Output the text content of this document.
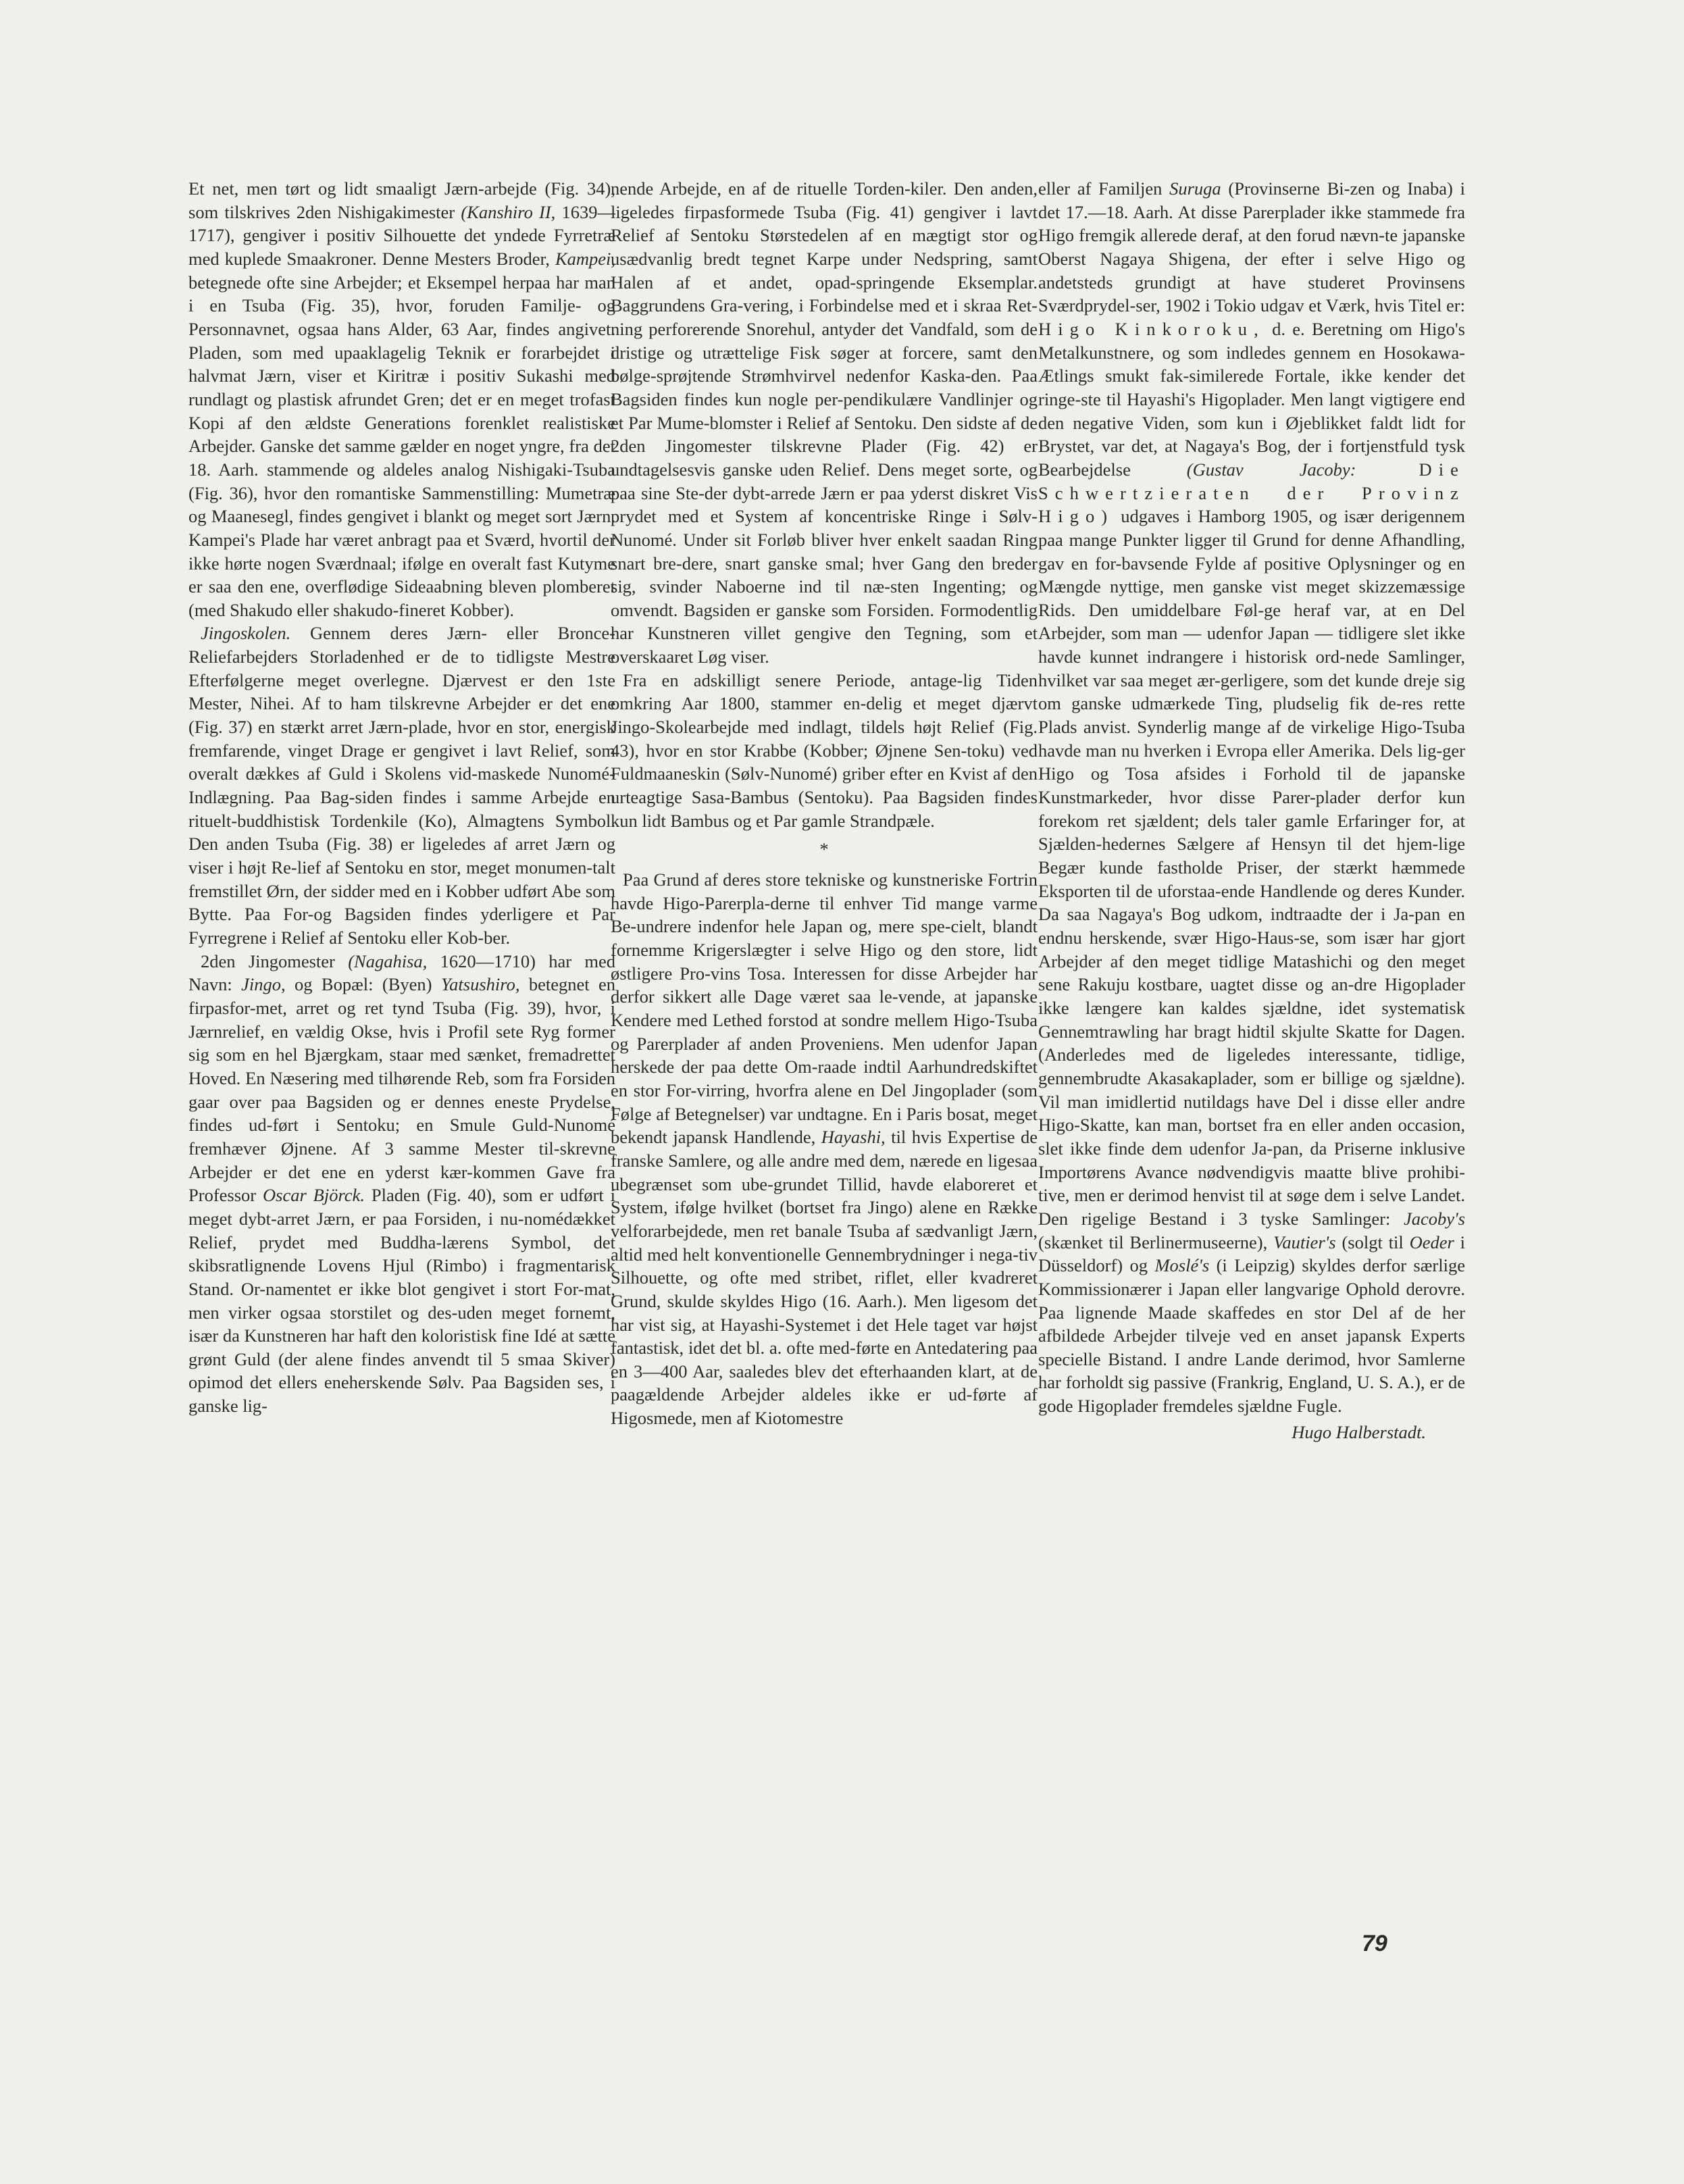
Et net, men tørt og lidt smaaligt Jærn-arbejde (Fig. 34), som tilskrives 2den Nishigakimester (Kanshiro II, 1639—1717), gengiver i positiv Silhouette det yndede Fyrretræ med kuplede Smaakroner. Denne Mesters Broder, Kampei, betegnede ofte sine Arbejder; et Eksempel herpaa har man i en Tsuba (Fig. 35), hvor, foruden Familje- og Personnavnet, ogsaa hans Alder, 63 Aar, findes angivet. Pladen, som med upaaklagelig Teknik er forarbejdet i halvmat Jærn, viser et Kiritræ i positiv Sukashi med rundlagt og plastisk afrundet Gren; det er en meget trofast Kopi af den ældste Generations forenklet realistiske Arbejder. Ganske det samme gælder en noget yngre, fra det 18. Aarh. stammende og aldeles analog Nishigaki-Tsuba (Fig. 36), hvor den romantiske Sammenstilling: Mumetræ og Maanesegl, findes gengivet i blankt og meget sort Jærn. Kampei's Plade har været anbragt paa et Sværd, hvortil der ikke hørte nogen Sværdnaal; ifølge en overalt fast Kutyme er saa den ene, overflødige Sideaabning bleven plomberet (med Shakudo eller shakudo-fineret Kobber).

Jingoskolen. Gennem deres Jærn- eller Bronce-Reliefarbejders Storladenhed er de to tidligste Mestre Efterfølgerne meget overlegne. Djærvest er den 1ste Mester, Nihei. Af to ham tilskrevne Arbejder er det ene (Fig. 37) en stærkt arret Jærn-plade, hvor en stor, energisk fremfarende, vinget Drage er gengivet i lavt Relief, som overalt dækkes af Guld i Skolens vid-maskede Nunomé-Indlægning. Paa Bag-siden findes i samme Arbejde en rituelt-buddhistisk Tordenkile (Ko), Almagtens Symbol. Den anden Tsuba (Fig. 38) er ligeledes af arret Jærn og viser i højt Re-lief af Sentoku en stor, meget monumen-talt fremstillet Ørn, der sidder med en i Kobber udført Abe som Bytte. Paa For-og Bagsiden findes yderligere et Par Fyrregrene i Relief af Sentoku eller Kob-ber.

2den Jingomester (Nagahisa, 1620—1710) har med Navn: Jingo, og Bopæl: (Byen) Yatsushiro, betegnet en firpasfor-met, arret og ret tynd Tsuba (Fig. 39), hvor, i Jærnrelief, en vældig Okse, hvis i Profil sete Ryg former sig som en hel Bjærgkam, staar med sænket, fremadrettet Hoved. En Næsering med tilhørende Reb, som fra Forsiden gaar over paa Bagsiden og er dennes eneste Prydelse, findes ud-ført i Sentoku; en Smule Guld-Nunomé fremhæver Øjnene. Af 3 samme Mester til-skrevne Arbejder er det ene en yderst kær-kommen Gave fra Professor Oscar Björck. Pladen (Fig. 40), som er udført i meget dybt-arret Jærn, er paa Forsiden, i nu-nomédækket Relief, prydet med Buddha-lærens Symbol, det skibsratlignende Lovens Hjul (Rimbo) i fragmentarisk Stand. Or-namentet er ikke blot gengivet i stort For-mat, men virker ogsaa storstilet og des-uden meget fornemt, især da Kunstneren har haft den koloristisk fine Idé at sætte grønt Guld (der alene findes anvendt til 5 smaa Skiver) opimod det ellers eneherskende Sølv. Paa Bagsiden ses, i ganske lig-

nende Arbejde, en af de rituelle Torden-kiler. Den anden, ligeledes firpasformede Tsuba (Fig. 41) gengiver i lavt Relief af Sentoku Størstedelen af en mægtigt stor og usædvanlig bredt tegnet Karpe under Nedspring, samt Halen af et andet, opad-springende Eksemplar. Baggrundens Gra-vering, i Forbindelse med et i skraa Ret-ning perforerende Snorehul, antyder det Vandfald, som de dristige og utrættelige Fisk søger at forcere, samt den bølge-sprøjtende Strømhvirvel nedenfor Kaska-den. Paa Bagsiden findes kun nogle per-pendikulære Vandlinjer og et Par Mume-blomster i Relief af Sentoku. Den sidste af de 2den Jingomester tilskrevne Plader (Fig. 42) er undtagelsesvis ganske uden Relief. Dens meget sorte, og paa sine Ste-der dybt-arrede Jærn er paa yderst diskret Vis prydet med et System af koncentriske Ringe i Sølv-Nunomé. Under sit Forløb bliver hver enkelt saadan Ring snart bre-dere, snart ganske smal; hver Gang den breder sig, svinder Naboerne ind til næ-sten Ingenting; og omvendt. Bagsiden er ganske som Forsiden. Formodentlig har Kunstneren villet gengive den Tegning, som et overskaaret Løg viser.

Fra en adskilligt senere Periode, antage-lig Tiden omkring Aar 1800, stammer en-delig et meget djærvt Jingo-Skolearbejde med indlagt, tildels højt Relief (Fig. 43), hvor en stor Krabbe (Kobber; Øjnene Sen-toku) ved Fuldmaaneskin (Sølv-Nunomé) griber efter en Kvist af den urteagtige Sasa-Bambus (Sentoku). Paa Bagsiden findes kun lidt Bambus og et Par gamle Strandpæle.

*

Paa Grund af deres store tekniske og kunstneriske Fortrin havde Higo-Parerpla-derne til enhver Tid mange varme Be-undrere indenfor hele Japan og, mere spe-cielt, blandt fornemme Krigerslægter i selve Higo og den store, lidt østligere Pro-vins Tosa. Interessen for disse Arbejder har derfor sikkert alle Dage været saa le-vende, at japanske Kendere med Lethed forstod at sondre mellem Higo-Tsuba og Parerplader af anden Proveniens. Men udenfor Japan herskede der paa dette Om-raade indtil Aarhundredskiftet en stor For-virring, hvorfra alene en Del Jingoplader (som Følge af Betegnelser) var undtagne. En i Paris bosat, meget bekendt japansk Handlende, Hayashi, til hvis Expertise de franske Samlere, og alle andre med dem, nærede en ligesaa ubegrænset som ube-grundet Tillid, havde elaboreret et System, ifølge hvilket (bortset fra Jingo) alene en Række velforarbejdede, men ret banale Tsuba af sædvanligt Jærn, altid med helt konventionelle Gennembrydninger i nega-tiv Silhouette, og ofte med stribet, riflet, eller kvadreret Grund, skulde skyldes Higo (16. Aarh.). Men ligesom det har vist sig, at Hayashi-Systemet i det Hele taget var højst fantastisk, idet det bl. a. ofte med-førte en Antedatering paa en 3—400 Aar, saaledes blev det efterhaanden klart, at de paagældende Arbejder aldeles ikke er ud-førte af Higosmede, men af Kiotomestre

eller af Familjen Suruga (Provinserne Bi-zen og Inaba) i det 17.—18. Aarh. At disse Parerplader ikke stammede fra Higo fremgik allerede deraf, at den forud nævn-te japanske Oberst Nagaya Shigena, der efter i selve Higo og andetsteds grundigt at have studeret Provinsens Sværdprydel-ser, 1902 i Tokio udgav et Værk, hvis Titel er: Higo Kinkoroku, d. e. Beretning om Higo's Metalkunstnere, og som indledes gennem en Hosokawa-Ætlings smukt fak-similerede Fortale, ikke kender det ringe-ste til Hayashi's Higoplader. Men langt vigtigere end den negative Viden, som kun i Øjeblikket faldt lidt for Brystet, var det, at Nagaya's Bog, der i fortjenstfuld tysk Bearbejdelse (Gustav Jacoby: Die Schwertzieraten der Provinz Higo) udgaves i Hamborg 1905, og især derigennem paa mange Punkter ligger til Grund for denne Afhandling, gav en for-bavsende Fylde af positive Oplysninger og en Mængde nyttige, men ganske vist meget skizzemæssige Rids. Den umiddelbare Føl-ge heraf var, at en Del Arbejder, som man — udenfor Japan — tidligere slet ikke havde kunnet indrangere i historisk ord-nede Samlinger, hvilket var saa meget ær-gerligere, som det kunde dreje sig om ganske udmærkede Ting, pludselig fik de-res rette Plads anvist. Synderlig mange af de virkelige Higo-Tsuba havde man nu hverken i Evropa eller Amerika. Dels lig-ger Higo og Tosa afsides i Forhold til de japanske Kunstmarkeder, hvor disse Parer-plader derfor kun forekom ret sjældent; dels taler gamle Erfaringer for, at Sjælden-hedernes Sælgere af Hensyn til det hjem-lige Begær kunde fastholde Priser, der stærkt hæmmede Eksporten til de uforstaa-ende Handlende og deres Kunder. Da saa Nagaya's Bog udkom, indtraadte der i Ja-pan en endnu herskende, svær Higo-Haus-se, som især har gjort Arbejder af den meget tidlige Matashichi og den meget sene Rakuju kostbare, uagtet disse og an-dre Higoplader ikke længere kan kaldes sjældne, idet systematisk Gennemtrawling har bragt hidtil skjulte Skatte for Dagen. (Anderledes med de ligeledes interessante, tidlige, gennembrudte Akasakaplader, som er billige og sjældne). Vil man imidlertid nutildags have Del i disse eller andre Higo-Skatte, kan man, bortset fra en eller anden occasion, slet ikke finde dem udenfor Ja-pan, da Priserne inklusive Importørens Avance nødvendigvis maatte blive prohibi-tive, men er derimod henvist til at søge dem i selve Landet. Den rigelige Bestand i 3 tyske Samlinger: Jacoby's (skænket til Berlinermuseerne), Vautier's (solgt til Oeder i Düsseldorf) og Moslé's (i Leipzig) skyldes derfor særlige Kommissionærer i Japan eller langvarige Ophold derovre. Paa lignende Maade skaffedes en stor Del af de her afbildede Arbejder tilveje ved en anset japansk Experts specielle Bistand. I andre Lande derimod, hvor Samlerne har forholdt sig passive (Frankrig, England, U. S. A.), er de gode Higoplader fremdeles sjældne Fugle.

Hugo Halberstadt.

79
